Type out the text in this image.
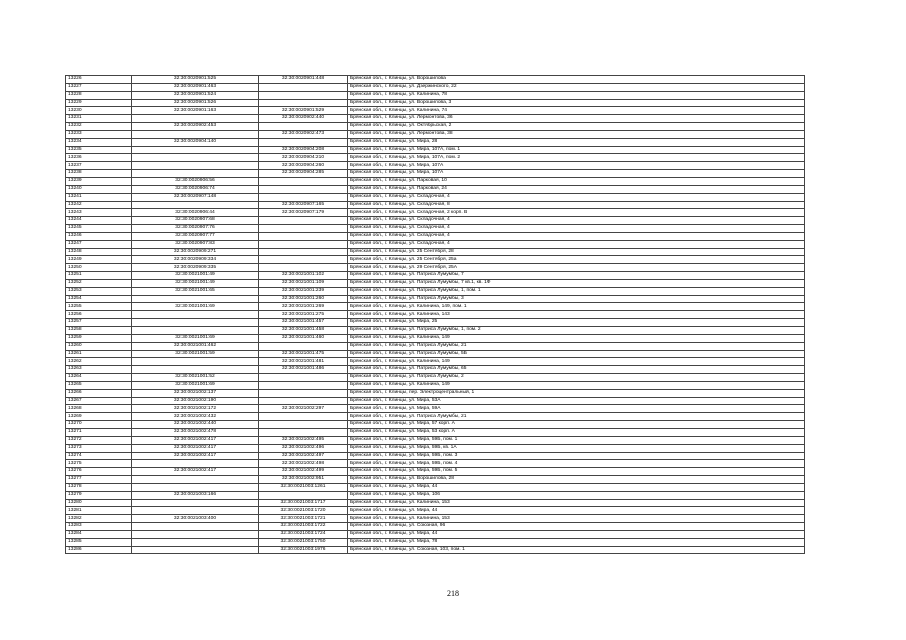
13226	32:30:0020901:525	32:30:0020901:448	Брянская обл., г. Клинцы, ул. Ворошилова
13227	32:30:0020901:463		Брянская обл., г. Клинцы, ул. Дзержинского, 22
13228	32:30:0020901:524		Брянская обл., г. Клинцы, ул. Калинина, 78
13229	32:30:0020901:526		Брянская обл., г. Клинцы, ул. Ворошилова, 3
13230	32:30:0020901:163	32:30:0020901:529	Брянская обл., г. Клинцы, ул. Калинина, 74
13231		32:30:0020902:440	Брянская обл., г. Клинцы, ул. Лермонтова, 36
13232	32:30:0020902:453		Брянская обл., г. Клинцы, ул. Октябрьская, 2
13233		32:30:0020902:473	Брянская обл., г. Клинцы, ул. Лермонтова, 38
13234	32:30:0020904:140		Брянская обл., г. Клинцы, ул. Мира, 28
13235		32:30:0020904:208	Брянская обл., г. Клинцы, ул. Мира, 107А, пом. 1
13236		32:30:0020904:210	Брянская обл., г. Клинцы, ул. Мира, 107А, пом. 2
13237		32:30:0020904:260	Брянская обл., г. Клинцы, ул. Мира, 107А
13238		32:30:0020904:285	Брянская обл., г. Клинцы, ул. Мира, 107А
13239	32:30:0020906:56		Брянская обл., г. Клинцы, ул. Парковая, 10
13240	32:30:0020906:74		Брянская обл., г. Клинцы, ул. Парковая, 24
13241	32:30:0020907:148		Брянская обл., г. Клинцы, ул. Складочная, 4
13242		32:30:0020907:165	Брянская обл., г. Клинцы, ул. Складочная, 8
13243	32:30:0020906:44	32:30:0020907:179	Брянская обл., г. Клинцы, ул. Складочная, 2 корп. В
13244	32:30:0020907:68		Брянская обл., г. Клинцы, ул. Складочная, 4
13245	32:30:0020907:76		Брянская обл., г. Клинцы, ул. Складочная, 4
13246	32:30:0020907:77		Брянская обл., г. Клинцы, ул. Складочная, 4
13247	32:30:0020907:83		Брянская обл., г. Клинцы, ул. Складочная, 4
13248	32:30:0020909:271		Брянская обл., г. Клинцы, ул. 25 Сентября, 28
13249	32:30:0020909:334		Брянская обл., г. Клинцы, ул. 25 Сентября, 25а
13250	32:30:0020909:335		Брянская обл., г. Клинцы, ул. 29 Сентября, 25А
13251	32:30:0021001:49	32:30:0021001:102	Брянская обл., г. Клинцы, ул. Патриса Лумумбы, 7
13252	32:30:0021001:49	32:30:0021001:109	Брянская обл., г. Клинцы, ул. Патриса Лумумбы, 7 кв.1, кв. 1Ф
13253	32:30:0021001:65	32:30:0021001:239	Брянская обл., г. Клинцы, ул. Патриса Лумумбы, 1, пом. 1
13254		32:30:0021001:260	Брянская обл., г. Клинцы, ул. Патриса Лумумбы, 3
13255	32:30:0021001:69	32:30:0021001:269	Брянская обл., г. Клинцы, ул. Калинина, 149, пом. 1
13256		32:30:0021001:275	Брянская обл., г. Клинцы, ул. Калинина, 143
13257		32:30:0021001:457	Брянская обл., г. Клинцы, ул. Мира, 25
13258		32:30:0021001:458	Брянская обл., г. Клинцы, ул. Патриса Лумумбы, 1, пом. 2
13259	32:30:0021001:69	32:30:0021001:460	Брянская обл., г. Клинцы, ул. Калинина, 149
13260	32:30:0021001:462		Брянская обл., г. Клинцы, ул. Патриса Лумумбы, 21
13261	32:30:0021001:59	32:30:0021001:475	Брянская обл., г. Клинцы, ул. Патриса Лумумбы, 5Б
13262		32:30:0021001:481	Брянская обл., г. Клинцы, ул. Калинина, 149
13263		32:30:0021001:486	Брянская обл., г. Клинцы, ул. Патриса Лумумбы, 65
13264	32:30:0021001:52		Брянская обл., г. Клинцы, ул. Патриса Лумумбы, 2
13265	32:30:0021001:69		Брянская обл., г. Клинцы, ул. Калинина, 149
13266	32:30:0021002:137		Брянская обл., г. Клинцы, пер. Электроцентральный, 1
13267	32:30:0021002:190		Брянская обл., г. Клинцы, ул. Мира, 53А
13268	32:30:0021002:172	32:30:0021002:297	Брянская обл., г. Клинцы, ул. Мира, 59А
13269	32:30:0021002:432		Брянская обл., г. Клинцы, ул. Патриса Лумумбы, 21
13270	32:30:0021002:440		Брянская обл., г. Клинцы, ул. Мира, 57 корп. А
13271	32:30:0021002:478		Брянская обл., г. Клинцы, ул. Мира, 53 корп. А
13272	32:30:0021002:417	32:30:0021002:495	Брянская обл., г. Клинцы, ул. Мира, 59Б, пом. 1
13273	32:30:0021002:417	32:30:0021002:496	Брянская обл., г. Клинцы, ул. Мира, 59Б, кв. 1А
13274	32:30:0021002:417	32:30:0021002:497	Брянская обл., г. Клинцы, ул. Мира, 59Б, пом. 3
13275		32:30:0021002:498	Брянская обл., г. Клинцы, ул. Мира, 59Б, пом. 4
13276	32:30:0021002:417	32:30:0021002:499	Брянская обл., г. Клинцы, ул. Мира, 59Б, пом. 5
13277		32:30:0021002:951	Брянская обл., г. Клинцы, ул. Ворошилова, 28
13278		32:30:0021003:1261	Брянская обл., г. Клинцы, ул. Мира, 44
13279	32:30:0021003:166		Брянская обл., г. Клинцы, ул. Мира, 106
13280		32:30:0021003:1717	Брянская обл., г. Клинцы, ул. Калинина, 153
13281		32:30:0021003:1720	Брянская обл., г. Клинцы, ул. Мира, 44
13282	32:30:0021003:400	32:30:0021003:1721	Брянская обл., г. Клинцы, ул. Калинина, 153
13283		32:30:0021003:1722	Брянская обл., г. Клинцы, ул. Союзная, 96
13284		32:30:0021003:1724	Брянская обл., г. Клинцы, ул. Мира, 44
13285		32:30:0021003:1750	Брянская обл., г. Клинцы, ул. Мира, 78
13286		32:30:0021003:1976	Брянская обл., г. Клинцы, ул. Союзная, 103, пом. 1
218
